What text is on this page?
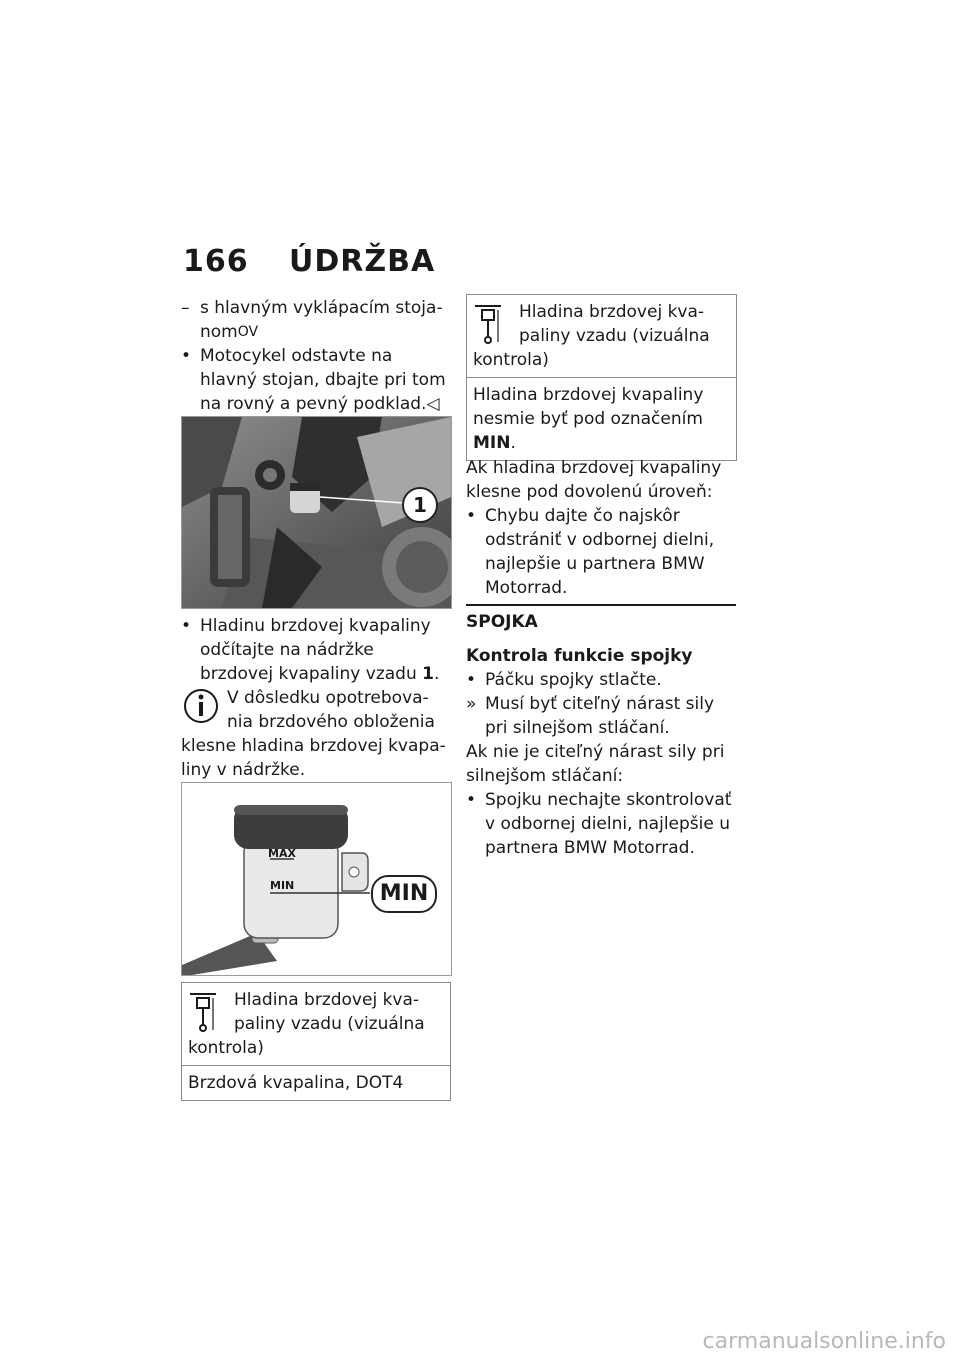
166 ÚDRŽBA

– s hlavným vyklápacím stoja-nom$^{OV}$

• Motocykel odstavte na hlavný stojan, dbajte pri tom na rovný a pevný podklad.◁

1

• Hladinu brzdovej kvapaliny odčítajte na nádržke brzdovej kvapaliny vzadu 1.

V dôsledku opotrebova-nia brzdového obloženia klesne hladina brzdovej kvapa-liny v nádržke.

MAX
MIN	MIN
Hladina brzdovej kva-paliny vzadu (vizuálna kontrola)
Brzdová kvapalina, DOT4
Hladina brzdovej kva-paliny vzadu (vizuálna kontrola)
Hladina brzdovej kvapaliny nesmie byť pod označením MIN.

Ak hladina brzdovej kvapaliny klesne pod dovolenú úroveň:

• Chybu dajte čo najskôr odstrániť v odbornej dielni, najlepšie u partnera BMW Motorrad.

SPOJKA

Kontrola funkcie spojky

• Páčku spojky stlačte.

» Musí byť citeľný nárast sily pri silnejšom stláčaní.

Ak nie je citeľný nárast sily pri silnejšom stláčaní:

• Spojku nechajte skontrolovať v odbornej dielni, najlepšie u partnera BMW Motorrad.

carmanualsonline.info
